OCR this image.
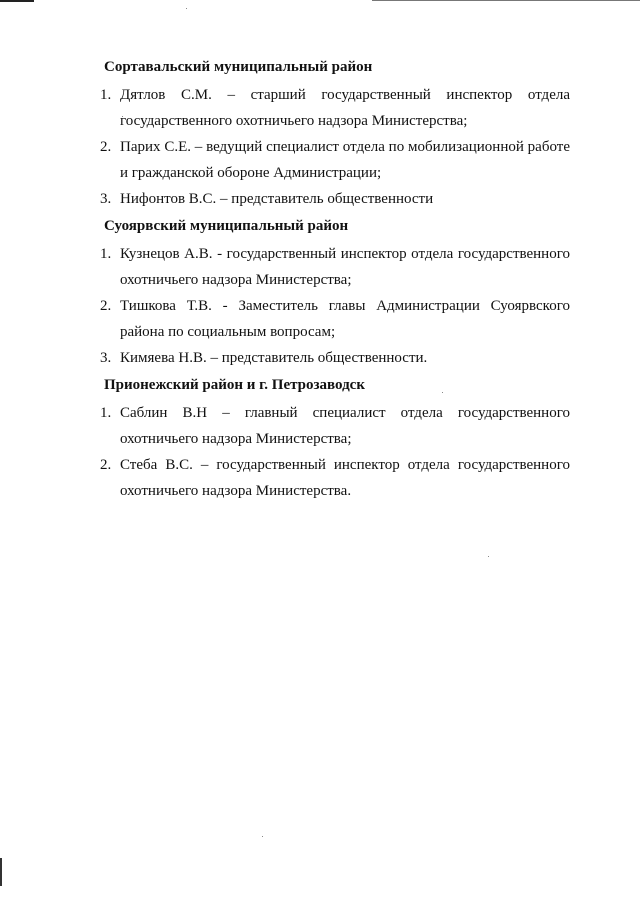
Сортавальский муниципальный район
1. Дятлов С.М. – старший государственный инспектор отдела государственного охотничьего надзора Министерства;
2. Парих С.Е. – ведущий специалист отдела по мобилизационной работе и гражданской обороне Администрации;
3. Нифонтов В.С. – представитель общественности
Суоярвский муниципальный район
1. Кузнецов А.В. - государственный инспектор отдела государственного охотничьего надзора Министерства;
2. Тишкова Т.В. - Заместитель главы Администрации Суоярвского района по социальным вопросам;
3. Кимяева Н.В. – представитель общественности.
Прионежский район и г. Петрозаводск
1. Саблин В.Н – главный специалист отдела государственного охотничьего надзора Министерства;
2. Стеба В.С. – государственный инспектор отдела государственного охотничьего надзора Министерства.
